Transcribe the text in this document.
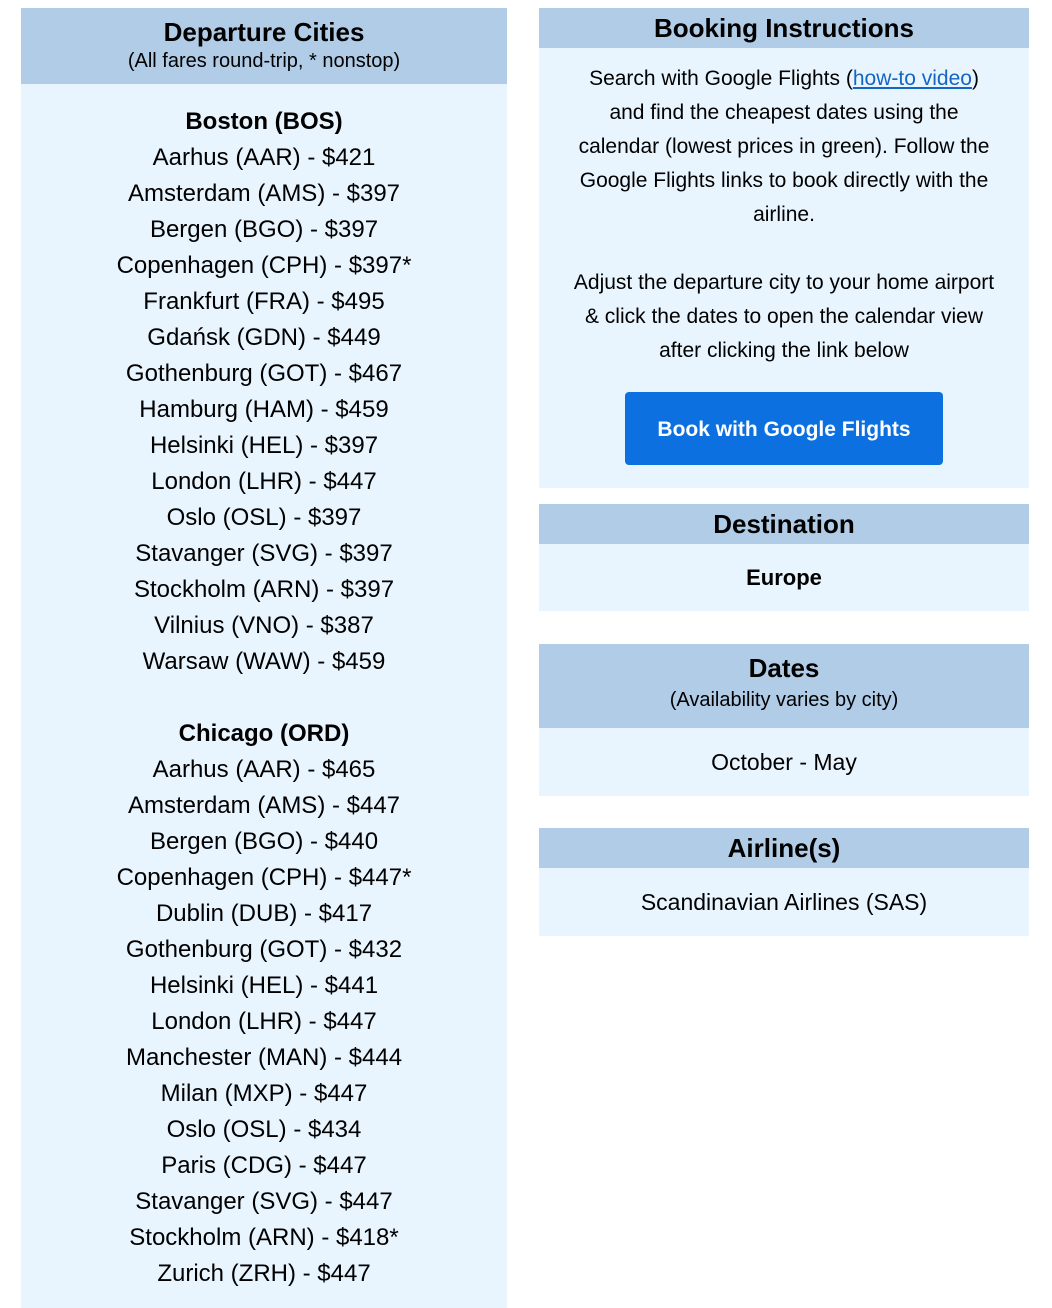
Departure Cities
(All fares round-trip, * nonstop)
Boston (BOS)
Aarhus (AAR) - $421
Amsterdam (AMS) - $397
Bergen (BGO) - $397
Copenhagen (CPH) - $397*
Frankfurt (FRA) - $495
Gdańsk (GDN) - $449
Gothenburg (GOT) - $467
Hamburg (HAM) - $459
Helsinki (HEL) - $397
London (LHR) - $447
Oslo (OSL) - $397
Stavanger (SVG) - $397
Stockholm (ARN) - $397
Vilnius (VNO) - $387
Warsaw (WAW) - $459
Chicago (ORD)
Aarhus (AAR) - $465
Amsterdam (AMS) - $447
Bergen (BGO) - $440
Copenhagen (CPH) - $447*
Dublin (DUB) - $417
Gothenburg (GOT) - $432
Helsinki (HEL) - $441
London (LHR) - $447
Manchester (MAN) - $444
Milan (MXP) - $447
Oslo (OSL) - $434
Paris (CDG) - $447
Stavanger (SVG) - $447
Stockholm (ARN) - $418*
Zurich (ZRH) - $447
Booking Instructions

Search with Google Flights (how-to video) and find the cheapest dates using the calendar (lowest prices in green). Follow the Google Flights links to book directly with the airline.

Adjust the departure city to your home airport & click the dates to open the calendar view after clicking the link below

Book with Google Flights
Destination
Europe
Dates
(Availability varies by city)
October - May
Airline(s)
Scandinavian Airlines (SAS)
